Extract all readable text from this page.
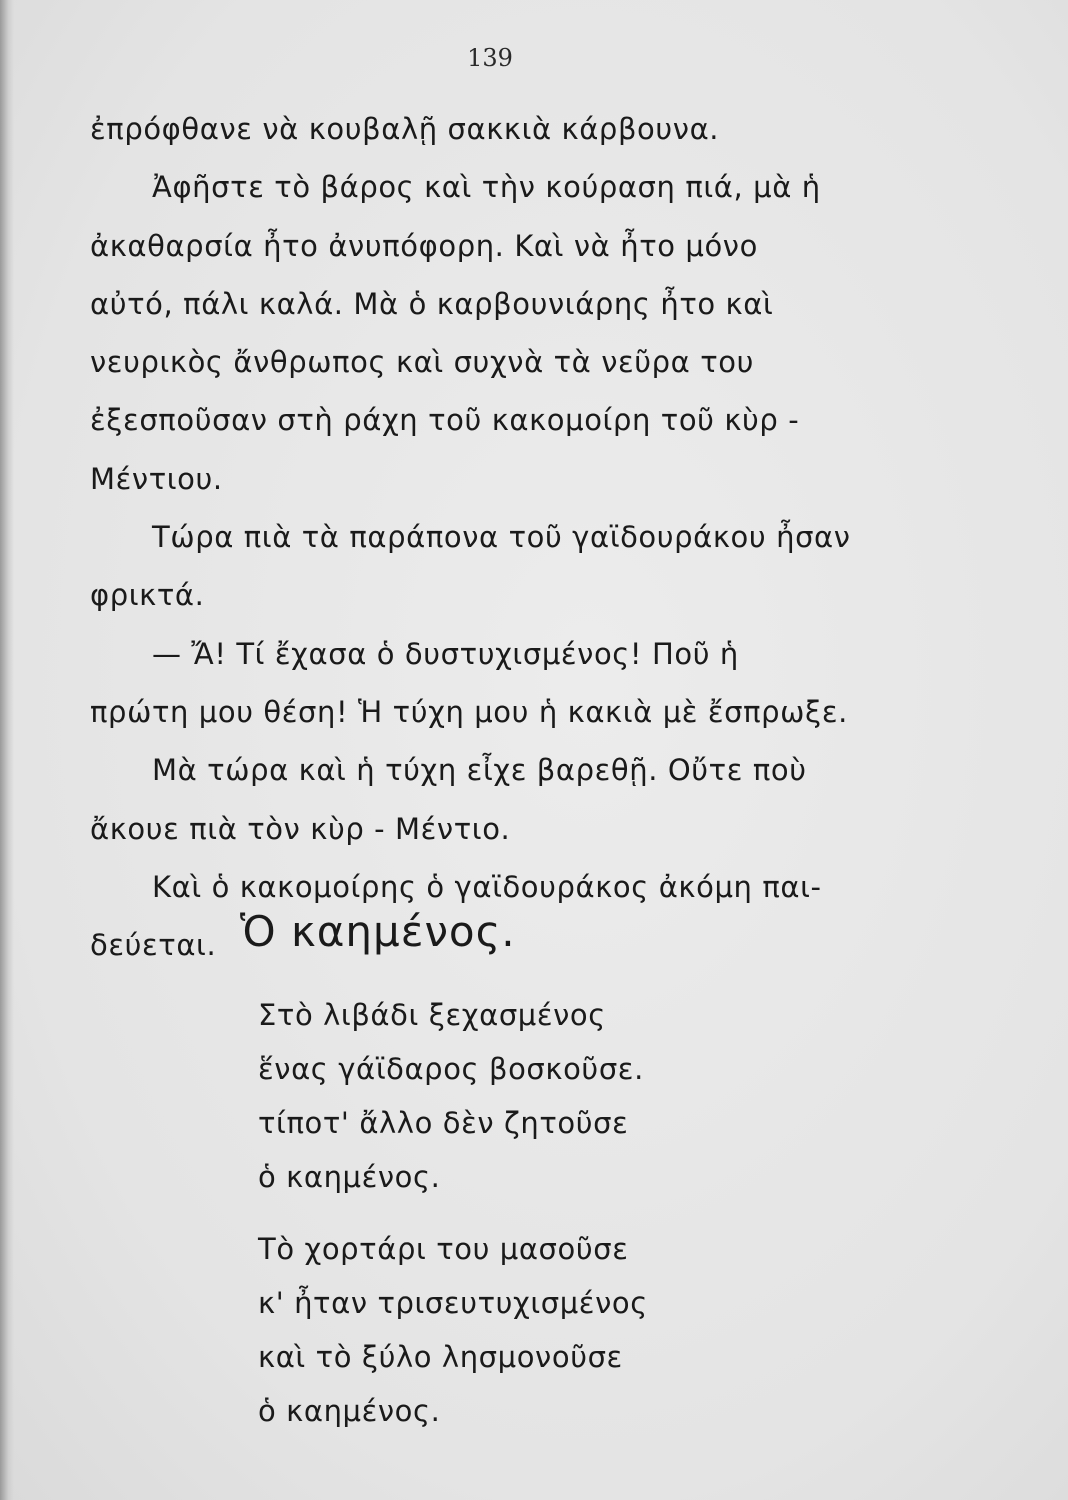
139
ἐπρόφθανε νὰ κουβαλῇ σακκιὰ κάρβουνα.
Ἀφῆστε τὸ βάρος καὶ τὴν κούραση πιά, μὰ ἡ
ἀκαθαρσία ἦτο ἀνυπόφορη. Καὶ νὰ ἦτο μόνο
αὐτό, πάλι καλά. Μὰ ὁ καρβουνιάρης ἦτο καὶ
νευρικὸς ἄνθρωπος καὶ συχνὰ τὰ νεῦρα του
ἐξεσποῦσαν στὴ ράχη τοῦ κακομοίρη τοῦ κὺρ -
Μέντιου.
Τώρα πιὰ τὰ παράπονα τοῦ γαϊδουράκου ἦσαν
φρικτά.
— Ἄ! Τί ἔχασα ὁ δυστυχισμένος! Ποῦ ἡ
πρώτη μου θέση! Ἡ τύχη μου ἡ κακιὰ μὲ ἔσπρωξε.
Μὰ τώρα καὶ ἡ τύχη εἶχε βαρεθῇ. Οὔτε ποὺ
ἄκουε πιὰ τὸν κὺρ - Μέντιο.
Καὶ ὁ κακομοίρης ὁ γαϊδουράκος ἀκόμη παι-
δεύεται. Ὁ καημένος.
Στὸ λιβάδι ξεχασμένος
ἕνας γάϊδαρος βοσκοῦσε.
τίποτ' ἄλλο δὲν ζητοῦσε
ὁ καημένος.
Τὸ χορτάρι του μασοῦσε
κ' ἦταν τρισευτυχισμένος
καὶ τὸ ξύλο λησμονοῦσε
ὁ καημένος.
